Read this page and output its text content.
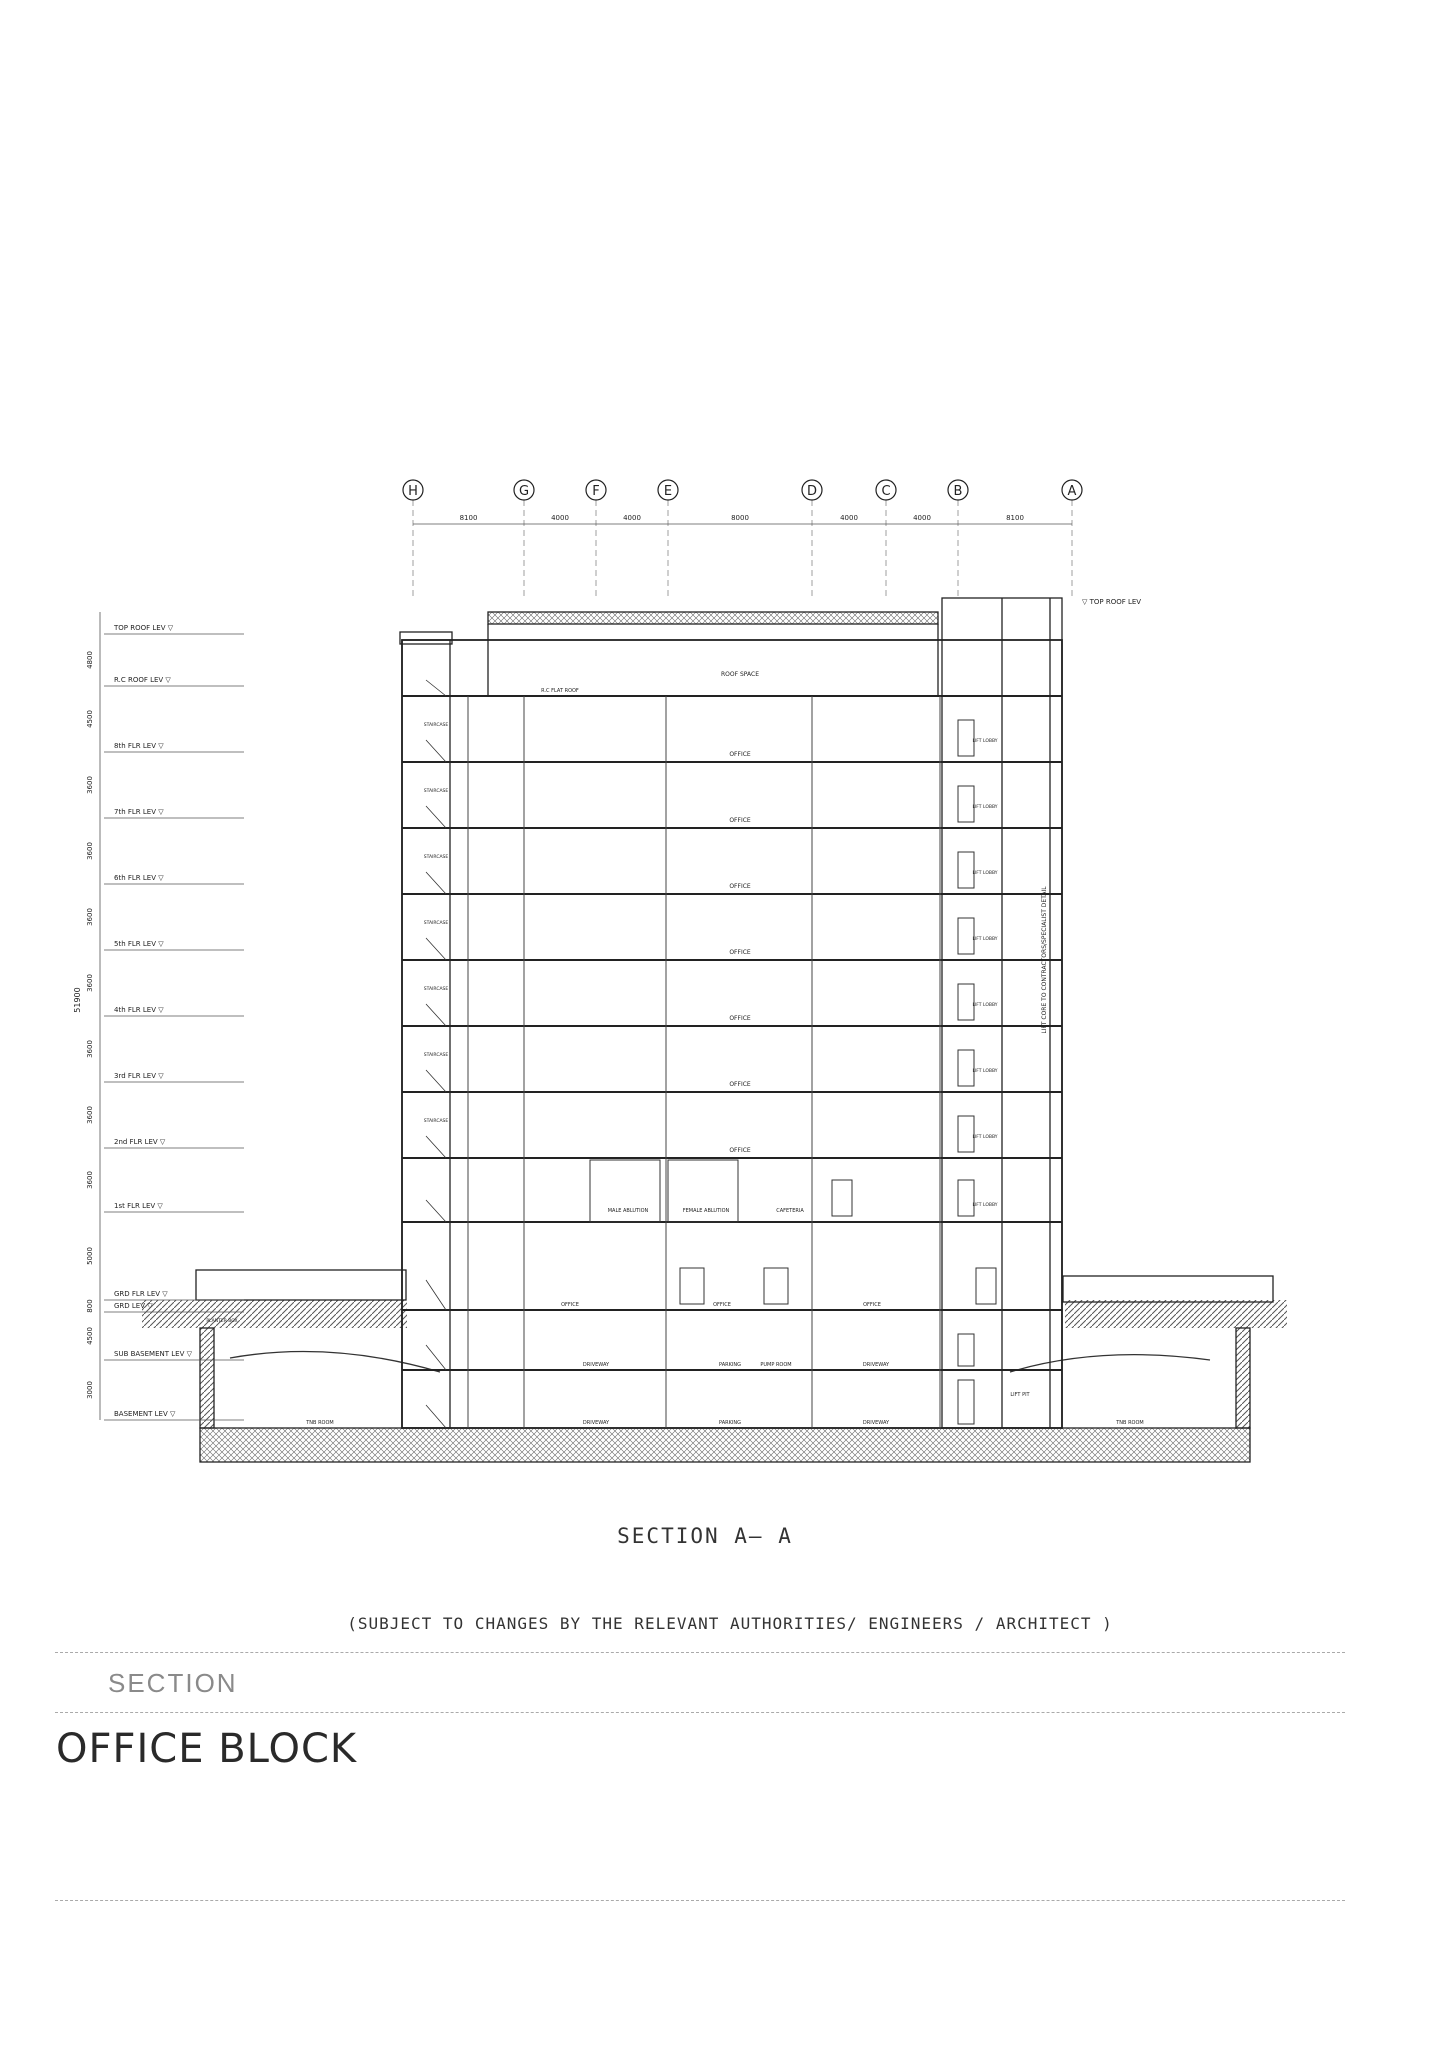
H	G	F	E	D	C	B	A
8100	4000	4000	8000	4000	4000	8100
TOP ROOF LEV ▽
4800
R.C ROOF LEV ▽
4500
8th FLR LEV ▽
3600
7th FLR LEV ▽
3600
6th FLR LEV ▽
3600
5th FLR LEV ▽
3600
4th FLR LEV ▽
3600
3rd FLR LEV ▽
3600
2nd FLR LEV ▽
3600
1st FLR LEV ▽
5000
GRD FLR LEV ▽
800	GRD LEV ▽
4500
SUB BASEMENT LEV ▽
3000
BASEMENT LEV ▽
51900
▽ TOP ROOF LEV
ROOF SPACE
R.C FLAT ROOF
OFFICE
LIFT LOBBY
STAIRCASE
OFFICE
LIFT LOBBY
STAIRCASE
OFFICE
LIFT LOBBY
STAIRCASE
OFFICE
LIFT LOBBY
STAIRCASE
OFFICE
LIFT LOBBY
STAIRCASE
OFFICE
LIFT LOBBY
STAIRCASE
OFFICE
LIFT LOBBY
STAIRCASE
MALE ABLUTION	FEMALE ABLUTION	CAFETERIA
LIFT LOBBY
OFFICE	OFFICE	OFFICE
DRIVEWAY	PARKING	PUMP ROOM	DRIVEWAY
DRIVEWAY	PARKING	DRIVEWAY
TNB ROOM	TNB ROOM
LIFT PIT
PLANTER BOX
LIFT CORE TO CONTRACTORS/SPECIALIST DETAIL
SECTION A— A
(SUBJECT TO CHANGES BY THE RELEVANT AUTHORITIES/ ENGINEERS / ARCHITECT )
SECTION
OFFICE BLOCK
